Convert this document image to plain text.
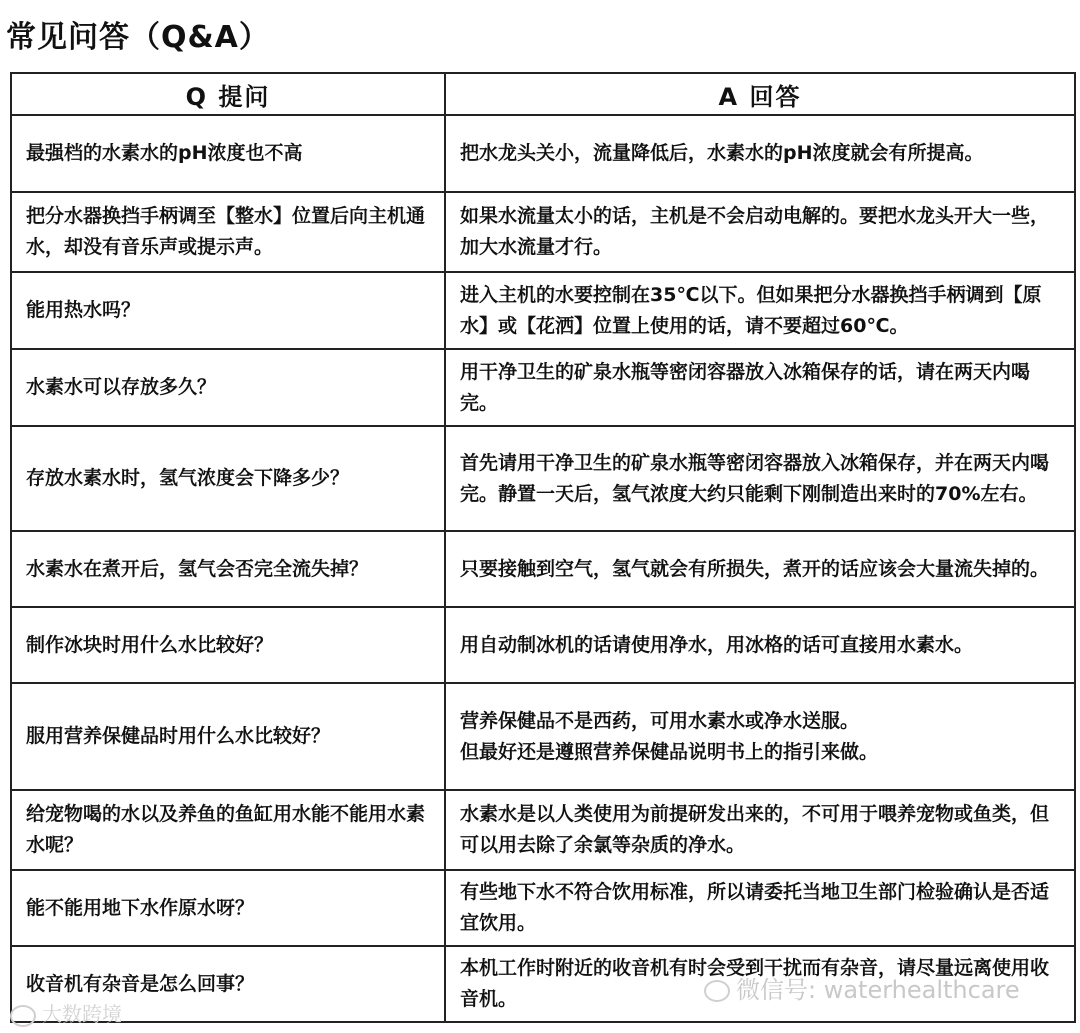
常见问答（Q&A）
Q 提问	A 回答
最强档的水素水的pH浓度也不高	把水龙头关小，流量降低后，水素水的pH浓度就会有所提高。

把分水器换挡手柄调至【整水】位置后向主机通水，却没有音乐声或提示声。	如果水流量太小的话，主机是不会启动电解的。要把水龙头开大一些，加大水流量才行。

能用热水吗？	进入主机的水要控制在35℃以下。但如果把分水器换挡手柄调到【原水】或【花洒】位置上使用的话，请不要超过60℃。

水素水可以存放多久？	用干净卫生的矿泉水瓶等密闭容器放入冰箱保存的话，请在两天内喝完。

存放水素水时，氢气浓度会下降多少？	首先请用干净卫生的矿泉水瓶等密闭容器放入冰箱保存，并在两天内喝完。静置一天后，氢气浓度大约只能剩下刚制造出来时的70%左右。

水素水在煮开后，氢气会否完全流失掉？	只要接触到空气，氢气就会有所损失，煮开的话应该会大量流失掉的。

制作冰块时用什么水比较好？	用自动制冰机的话请使用净水，用冰格的话可直接用水素水。

服用营养保健品时用什么水比较好？	营养保健品不是西药，可用水素水或净水送服。
但最好还是遵照营养保健品说明书上的指引来做。

给宠物喝的水以及养鱼的鱼缸用水能不能用水素水呢？	水素水是以人类使用为前提研发出来的，不可用于喂养宠物或鱼类，但可以用去除了余氯等杂质的净水。

能不能用地下水作原水呀？	有些地下水不符合饮用标准，所以请委托当地卫生部门检验确认是否适宜饮用。

收音机有杂音是怎么回事？	本机工作时附近的收音机有时会受到干扰而有杂音，请尽量远离使用收音机。
大数跨境
微信号: waterhealthcare
